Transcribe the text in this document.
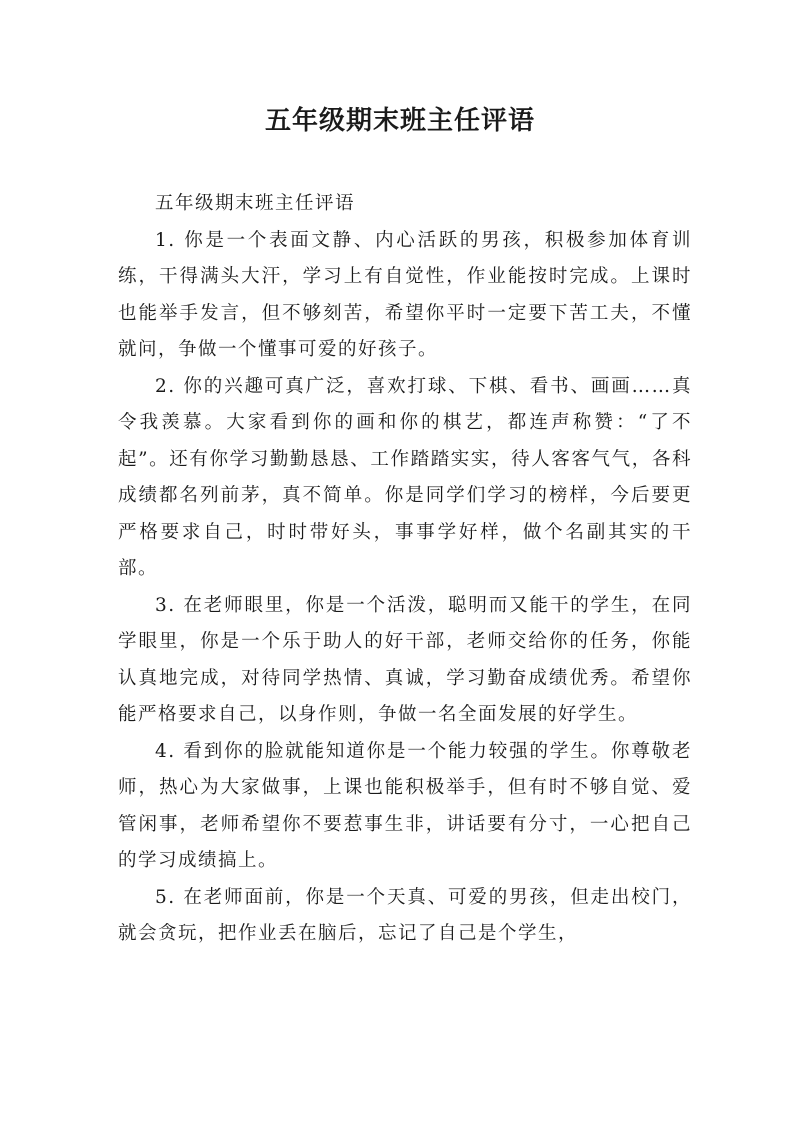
五年级期末班主任评语

五年级期末班主任评语

1. 你是一个表面文静、内心活跃的男孩，积极参加体育训练，干得满头大汗，学习上有自觉性，作业能按时完成。上课时也能举手发言，但不够刻苦，希望你平时一定要下苦工夫，不懂就问，争做一个懂事可爱的好孩子。

2. 你的兴趣可真广泛，喜欢打球、下棋、看书、画画……真令我羡慕。大家看到你的画和你的棋艺，都连声称赞：“了不起”。还有你学习勤勤恳恳、工作踏踏实实，待人客客气气，各科成绩都名列前茅，真不简单。你是同学们学习的榜样，今后要更严格要求自己，时时带好头，事事学好样，做个名副其实的干部。

3. 在老师眼里，你是一个活泼，聪明而又能干的学生，在同学眼里，你是一个乐于助人的好干部，老师交给你的任务，你能认真地完成，对待同学热情、真诚，学习勤奋成绩优秀。希望你能严格要求自己，以身作则，争做一名全面发展的好学生。

4. 看到你的脸就能知道你是一个能力较强的学生。你尊敬老师，热心为大家做事，上课也能积极举手，但有时不够自觉、爱管闲事，老师希望你不要惹事生非，讲话要有分寸，一心把自己的学习成绩搞上。

5. 在老师面前，你是一个天真、可爱的男孩，但走出校门，就会贪玩，把作业丢在脑后，忘记了自己是个学生，
